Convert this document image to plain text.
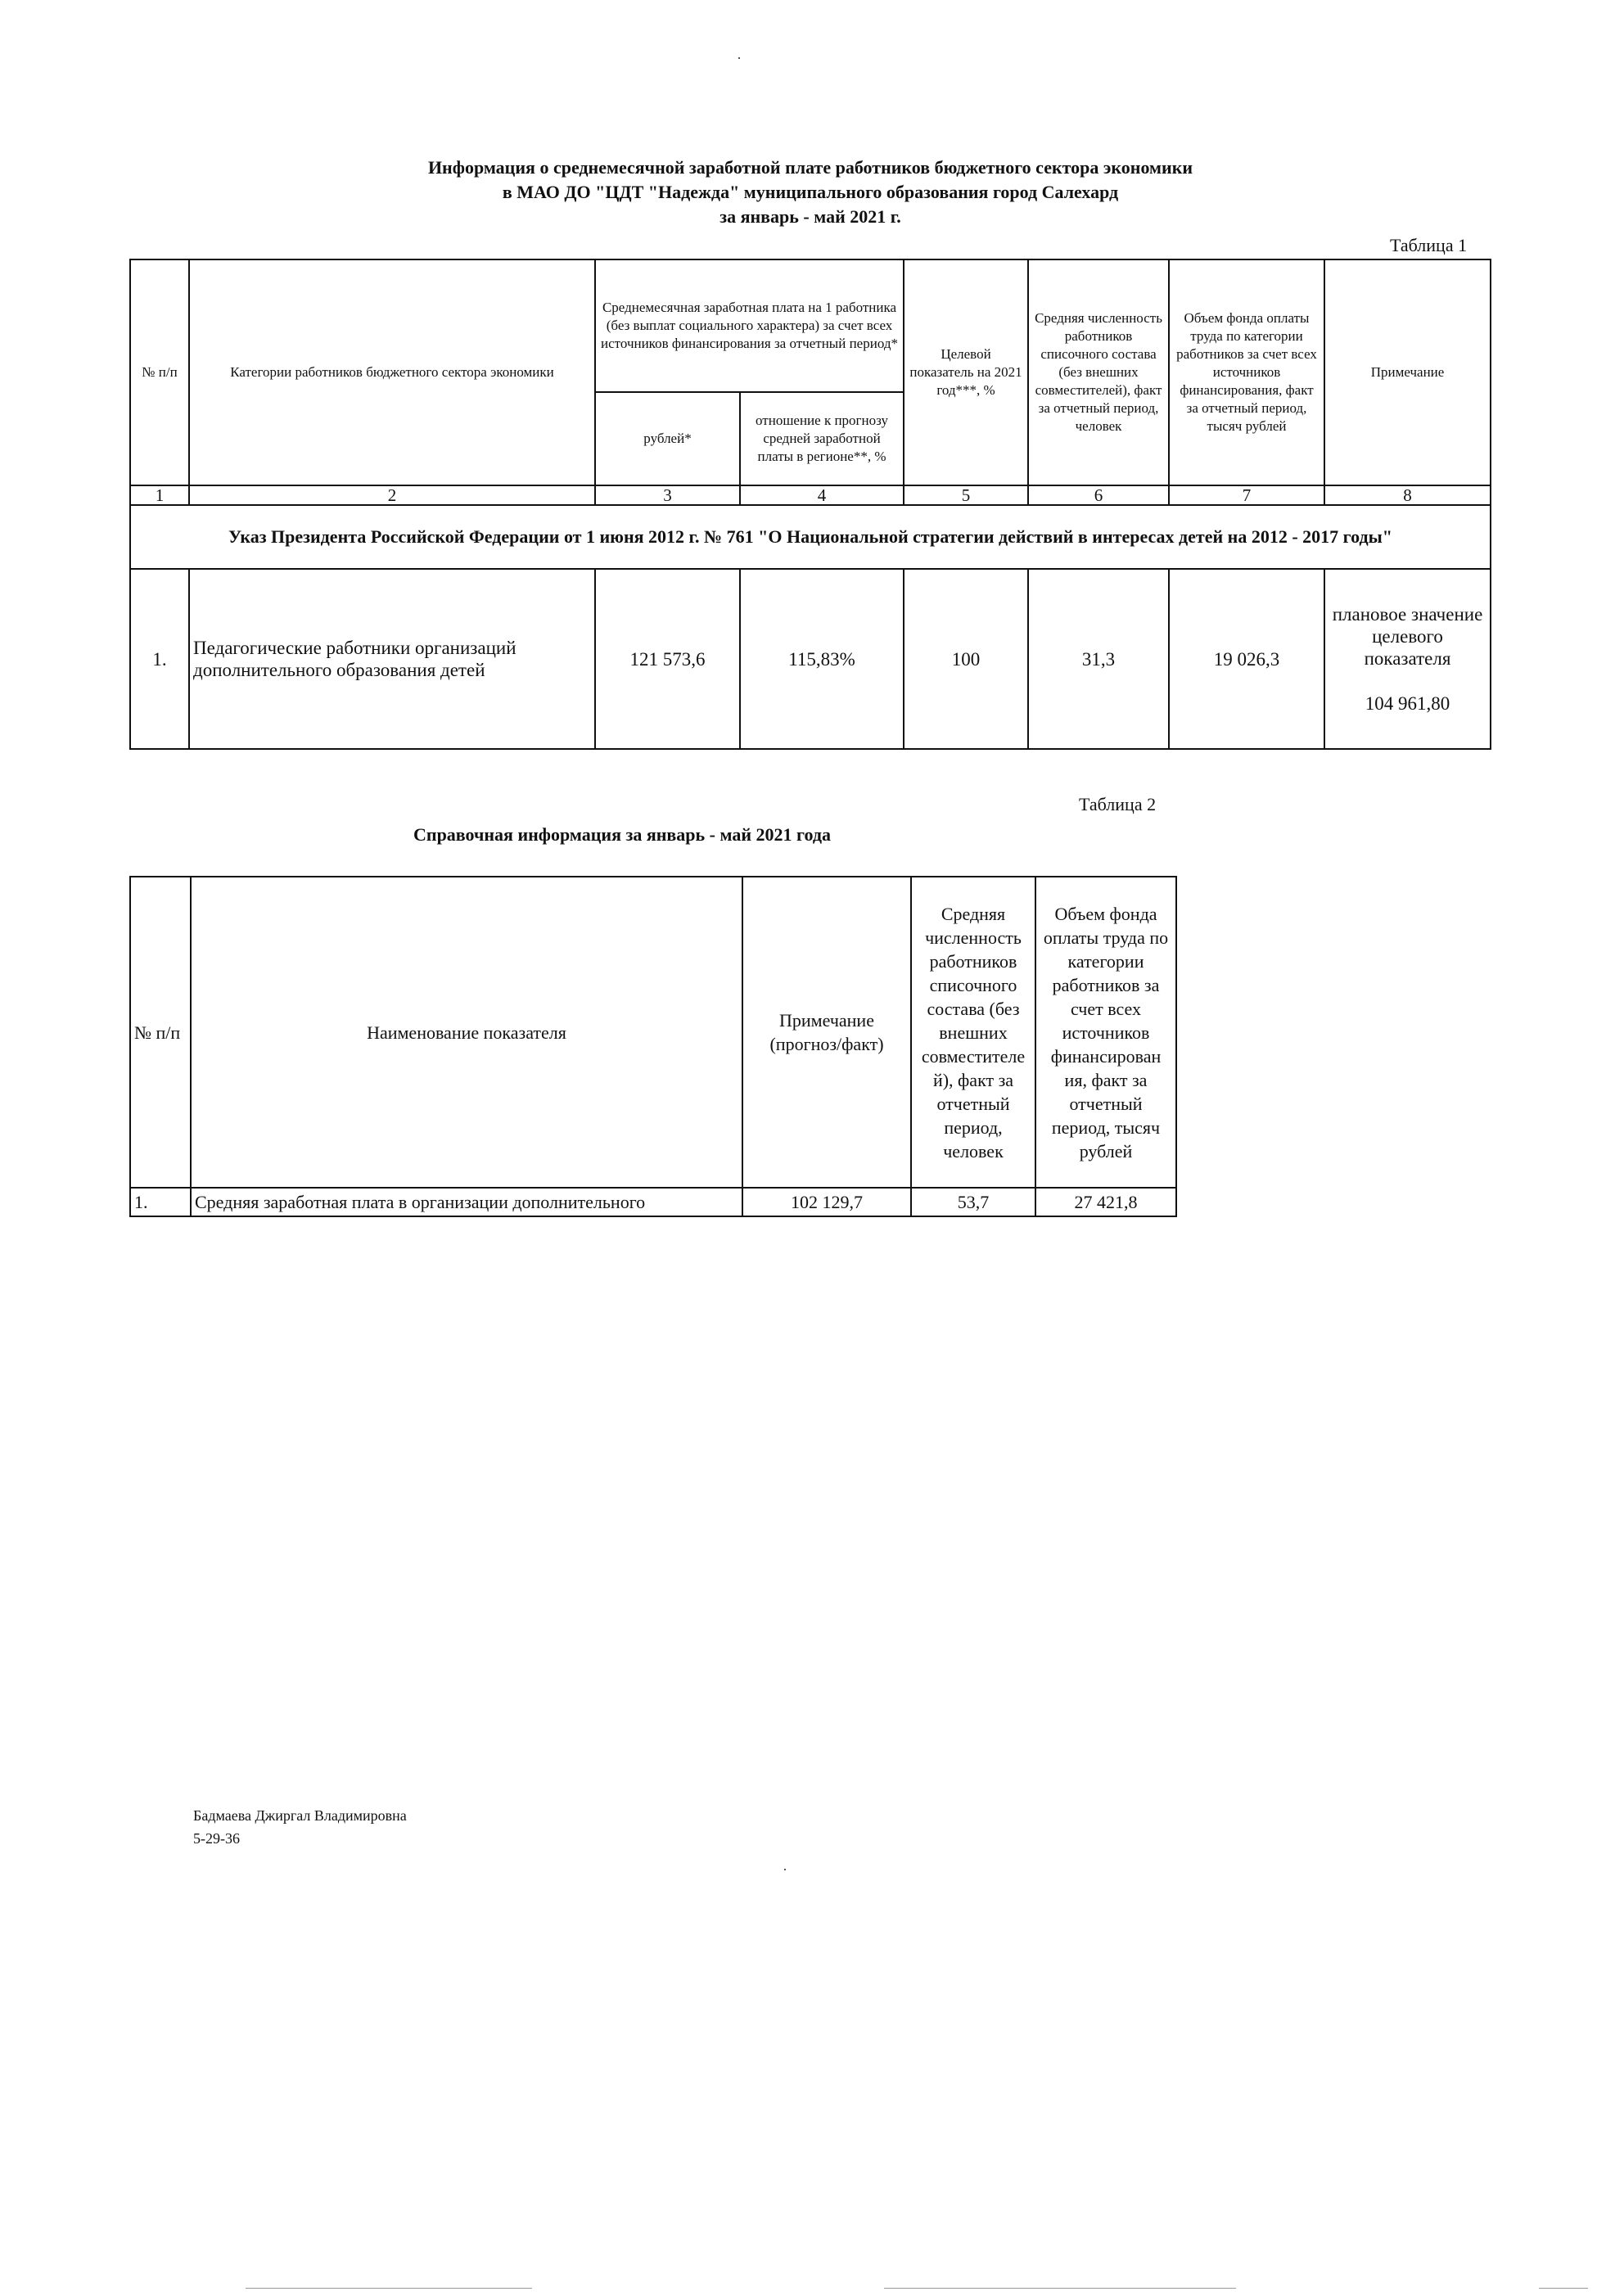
Информация о среднемесячной заработной плате работников бюджетного сектора экономики
в МАО ДО "ЦДТ "Надежда" муниципального образования город Салехард
за январь - май 2021 г.
Таблица 1
№ п/п	Категории работников бюджетного сектора экономики	Среднемесячная заработная плата на 1 работника (без выплат социального характера) за счет всех источников финансирования за отчетный период*		Целевой показатель на 2021 год***, %	Средняя численность работников списочного состава (без внешних совместителей), факт за отчетный период, человек	Объем фонда оплаты труда по категории работников за счет всех источников финансирования, факт за отчетный период, тысяч рублей	Примечание
		рублей*	отношение к прогнозу средней заработной платы в регионе**, %				
1	2	3	4	5	6	7	8
Указ Президента Российской Федерации от 1 июня 2012 г. № 761 "О Национальной стратегии действий в интересах детей на 2012 - 2017 годы"							
1.	Педагогические работники организаций дополнительного образования детей	121 573,6	115,83%	100	31,3	19 026,3	плановое значение целевого показателя
104 961,80
Таблица 2
Справочная информация за январь - май 2021 года
№ п/п	Наименование показателя	Примечание (прогноз/факт)	Средняя численность работников списочного состава (без внешних совместителе й), факт за отчетный период, человек	Объем фонда оплаты труда по категории работников за счет всех источников финансирован ия, факт за отчетный период, тысяч рублей
1.	Средняя заработная плата в организации дополнительного	102 129,7	53,7	27 421,8
Бадмаева Джиргал Владимировна
5-29-36
